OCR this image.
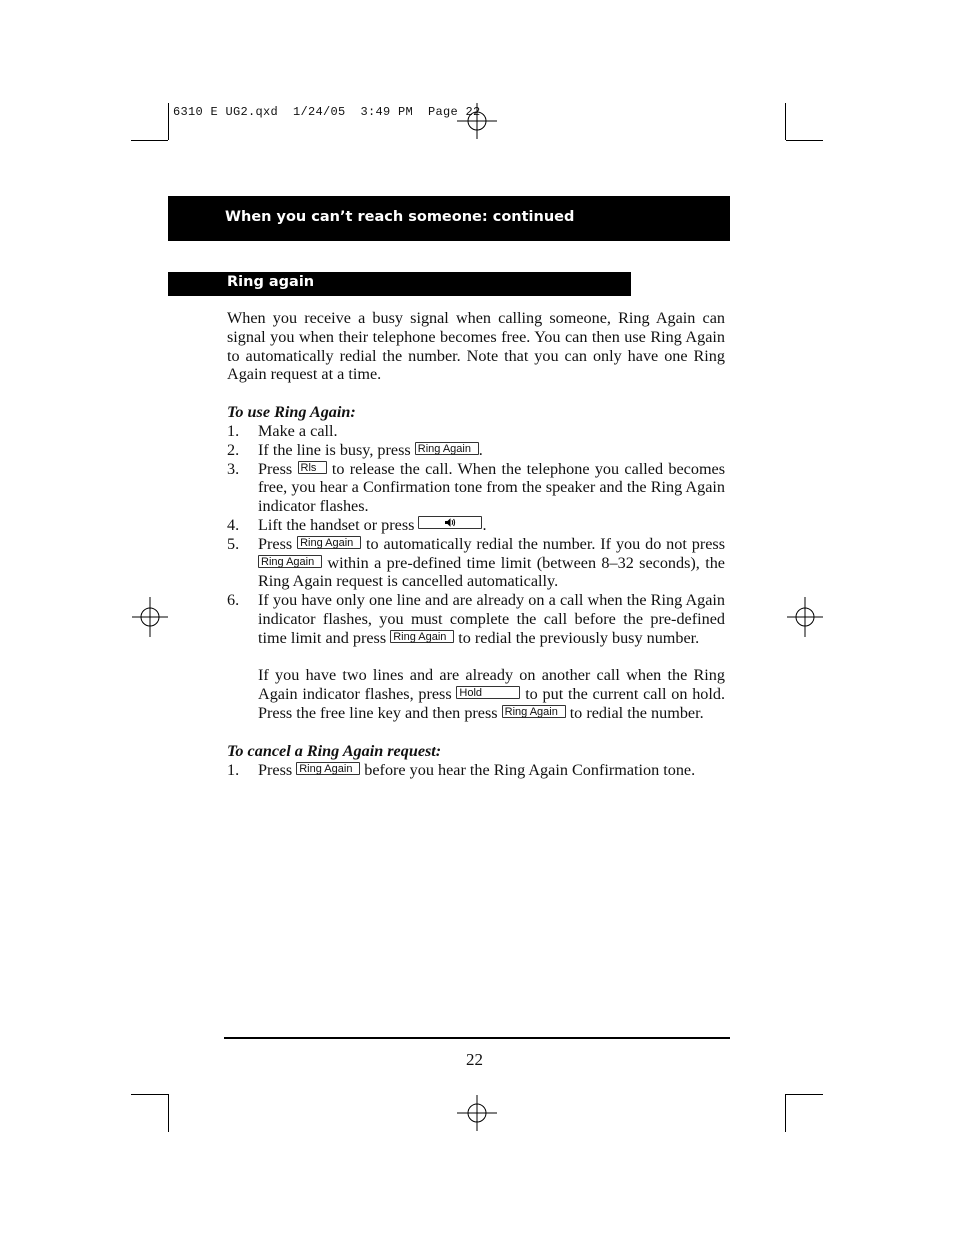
6310 E UG2.qxd  1/24/05  3:49 PM  Page 22
When you can’t reach someone: continued
Ring again

When you receive a busy signal when calling someone, Ring Again can signal you when their telephone becomes free. You can then use Ring Again to automatically redial the number. Note that you can only have one Ring Again request at a time.

To use Ring Again:

1. Make a call.
2. If the line is busy, press Ring Again .
3. Press Rls to release the call. When the telephone you called becomes free, you hear a Confirmation tone from the speaker and the Ring Again indicator flashes.
4. Lift the handset or press	.
5. Press Ring Again to automatically redial the number. If you do not press Ring Again within a pre-defined time limit (between 8–32 seconds), the Ring Again request is cancelled automatically.
6. If you have only one line and are already on a call when the Ring Again indicator flashes, you must complete the call before the pre-defined time limit and press Ring Again to redial the previously busy number.

If you have two lines and are already on another call when the Ring Again indicator flashes, press Hold	to put the current call on hold. Press the free line key and then press Ring Again to redial the number.

To cancel a Ring Again request:

1. Press Ring Again before you hear the Ring Again Confirmation tone.
22
